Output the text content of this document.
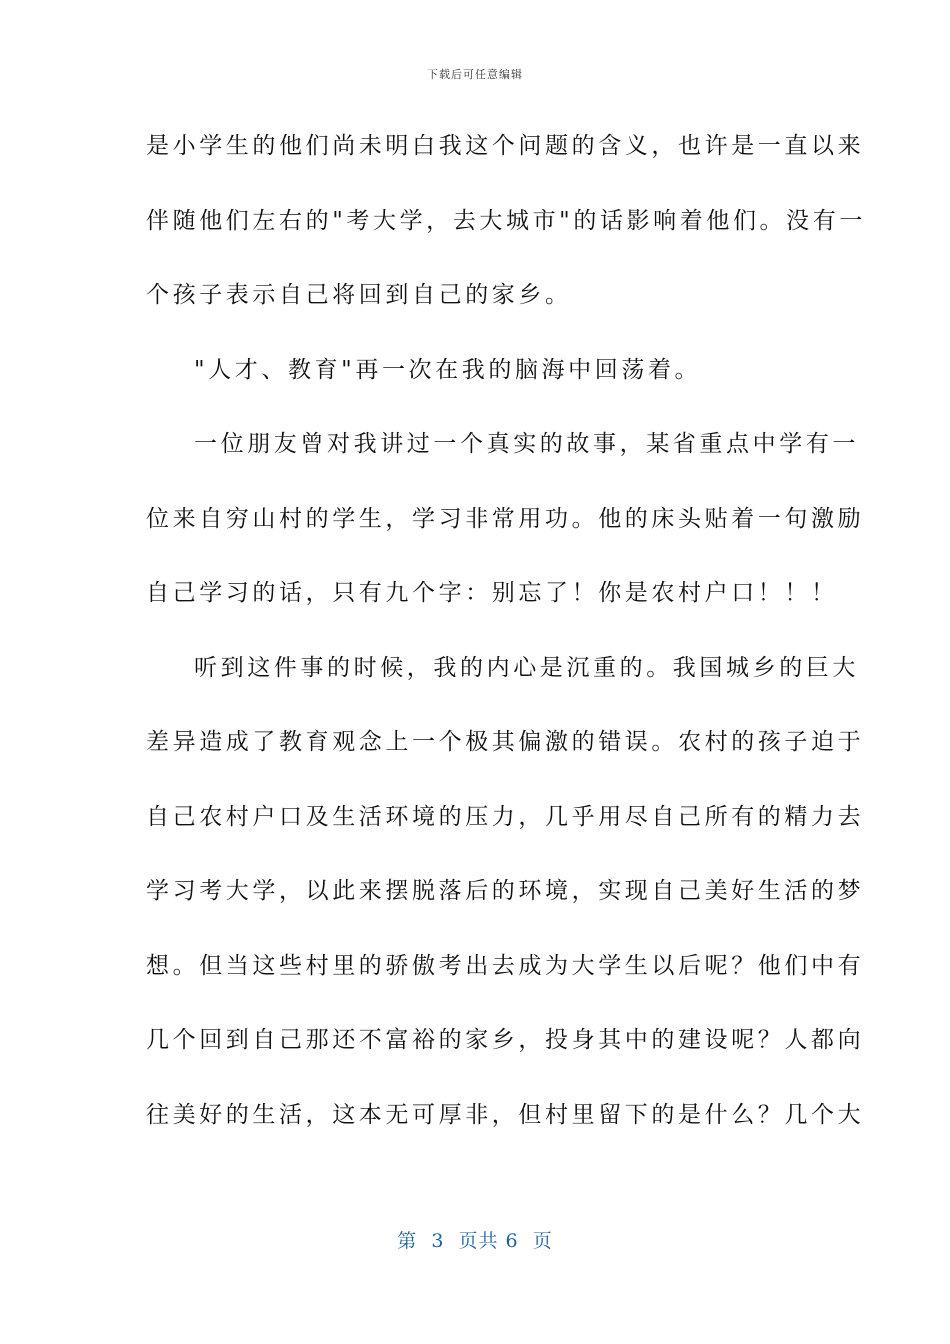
下载后可任意编辑
是小学生的他们尚未明白我这个问题的含义，也许是一直以来
伴随他们左右的"考大学，去大城市"的话影响着他们。没有一
个孩子表示自己将回到自己的家乡。
"人才、教育"再一次在我的脑海中回荡着。
一位朋友曾对我讲过一个真实的故事，某省重点中学有一
位来自穷山村的学生，学习非常用功。他的床头贴着一句激励
自己学习的话，只有九个字：别忘了！你是农村户口！！！
听到这件事的时候，我的内心是沉重的。我国城乡的巨大
差异造成了教育观念上一个极其偏激的错误。农村的孩子迫于
自己农村户口及生活环境的压力，几乎用尽自己所有的精力去
学习考大学，以此来摆脱落后的环境，实现自己美好生活的梦
想。但当这些村里的骄傲考出去成为大学生以后呢？他们中有
几个回到自己那还不富裕的家乡，投身其中的建设呢？人都向
往美好的生活，这本无可厚非，但村里留下的是什么？几个大
第  3  页共 6  页
